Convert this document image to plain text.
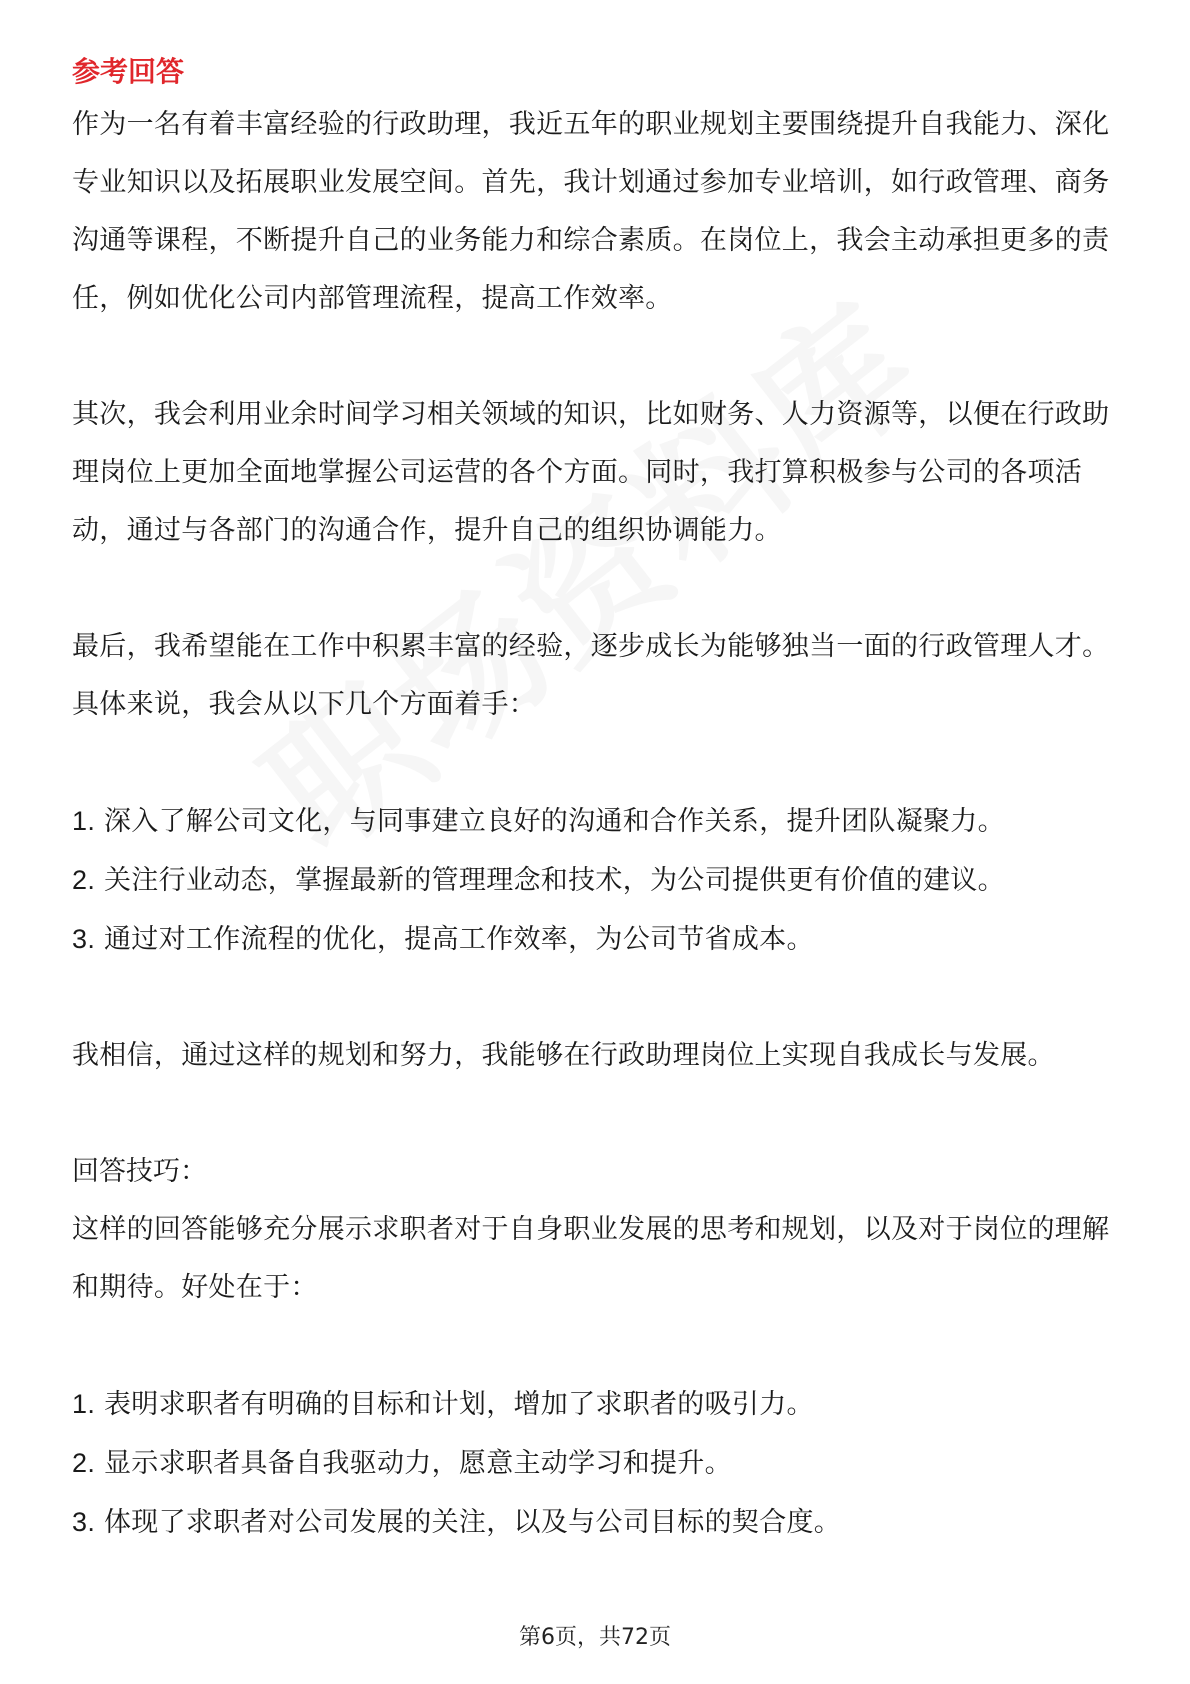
参考回答

作为一名有着丰富经验的行政助理，我近五年的职业规划主要围绕提升自我能力、深化专业知识以及拓展职业发展空间。首先，我计划通过参加专业培训，如行政管理、商务沟通等课程，不断提升自己的业务能力和综合素质。在岗位上，我会主动承担更多的责任，例如优化公司内部管理流程，提高工作效率。

其次，我会利用业余时间学习相关领域的知识，比如财务、人力资源等，以便在行政助理岗位上更加全面地掌握公司运营的各个方面。同时，我打算积极参与公司的各项活动，通过与各部门的沟通合作，提升自己的组织协调能力。

最后，我希望能在工作中积累丰富的经验，逐步成长为能够独当一面的行政管理人才。具体来说，我会从以下几个方面着手：

1. 深入了解公司文化，与同事建立良好的沟通和合作关系，提升团队凝聚力。
2. 关注行业动态，掌握最新的管理理念和技术，为公司提供更有价值的建议。
3. 通过对工作流程的优化，提高工作效率，为公司节省成本。

我相信，通过这样的规划和努力，我能够在行政助理岗位上实现自我成长与发展。

回答技巧：

这样的回答能够充分展示求职者对于自身职业发展的思考和规划，以及对于岗位的理解和期待。好处在于：

1. 表明求职者有明确的目标和计划，增加了求职者的吸引力。
2. 显示求职者具备自我驱动力，愿意主动学习和提升。
3. 体现了求职者对公司发展的关注，以及与公司目标的契合度。
第6页，共72页
